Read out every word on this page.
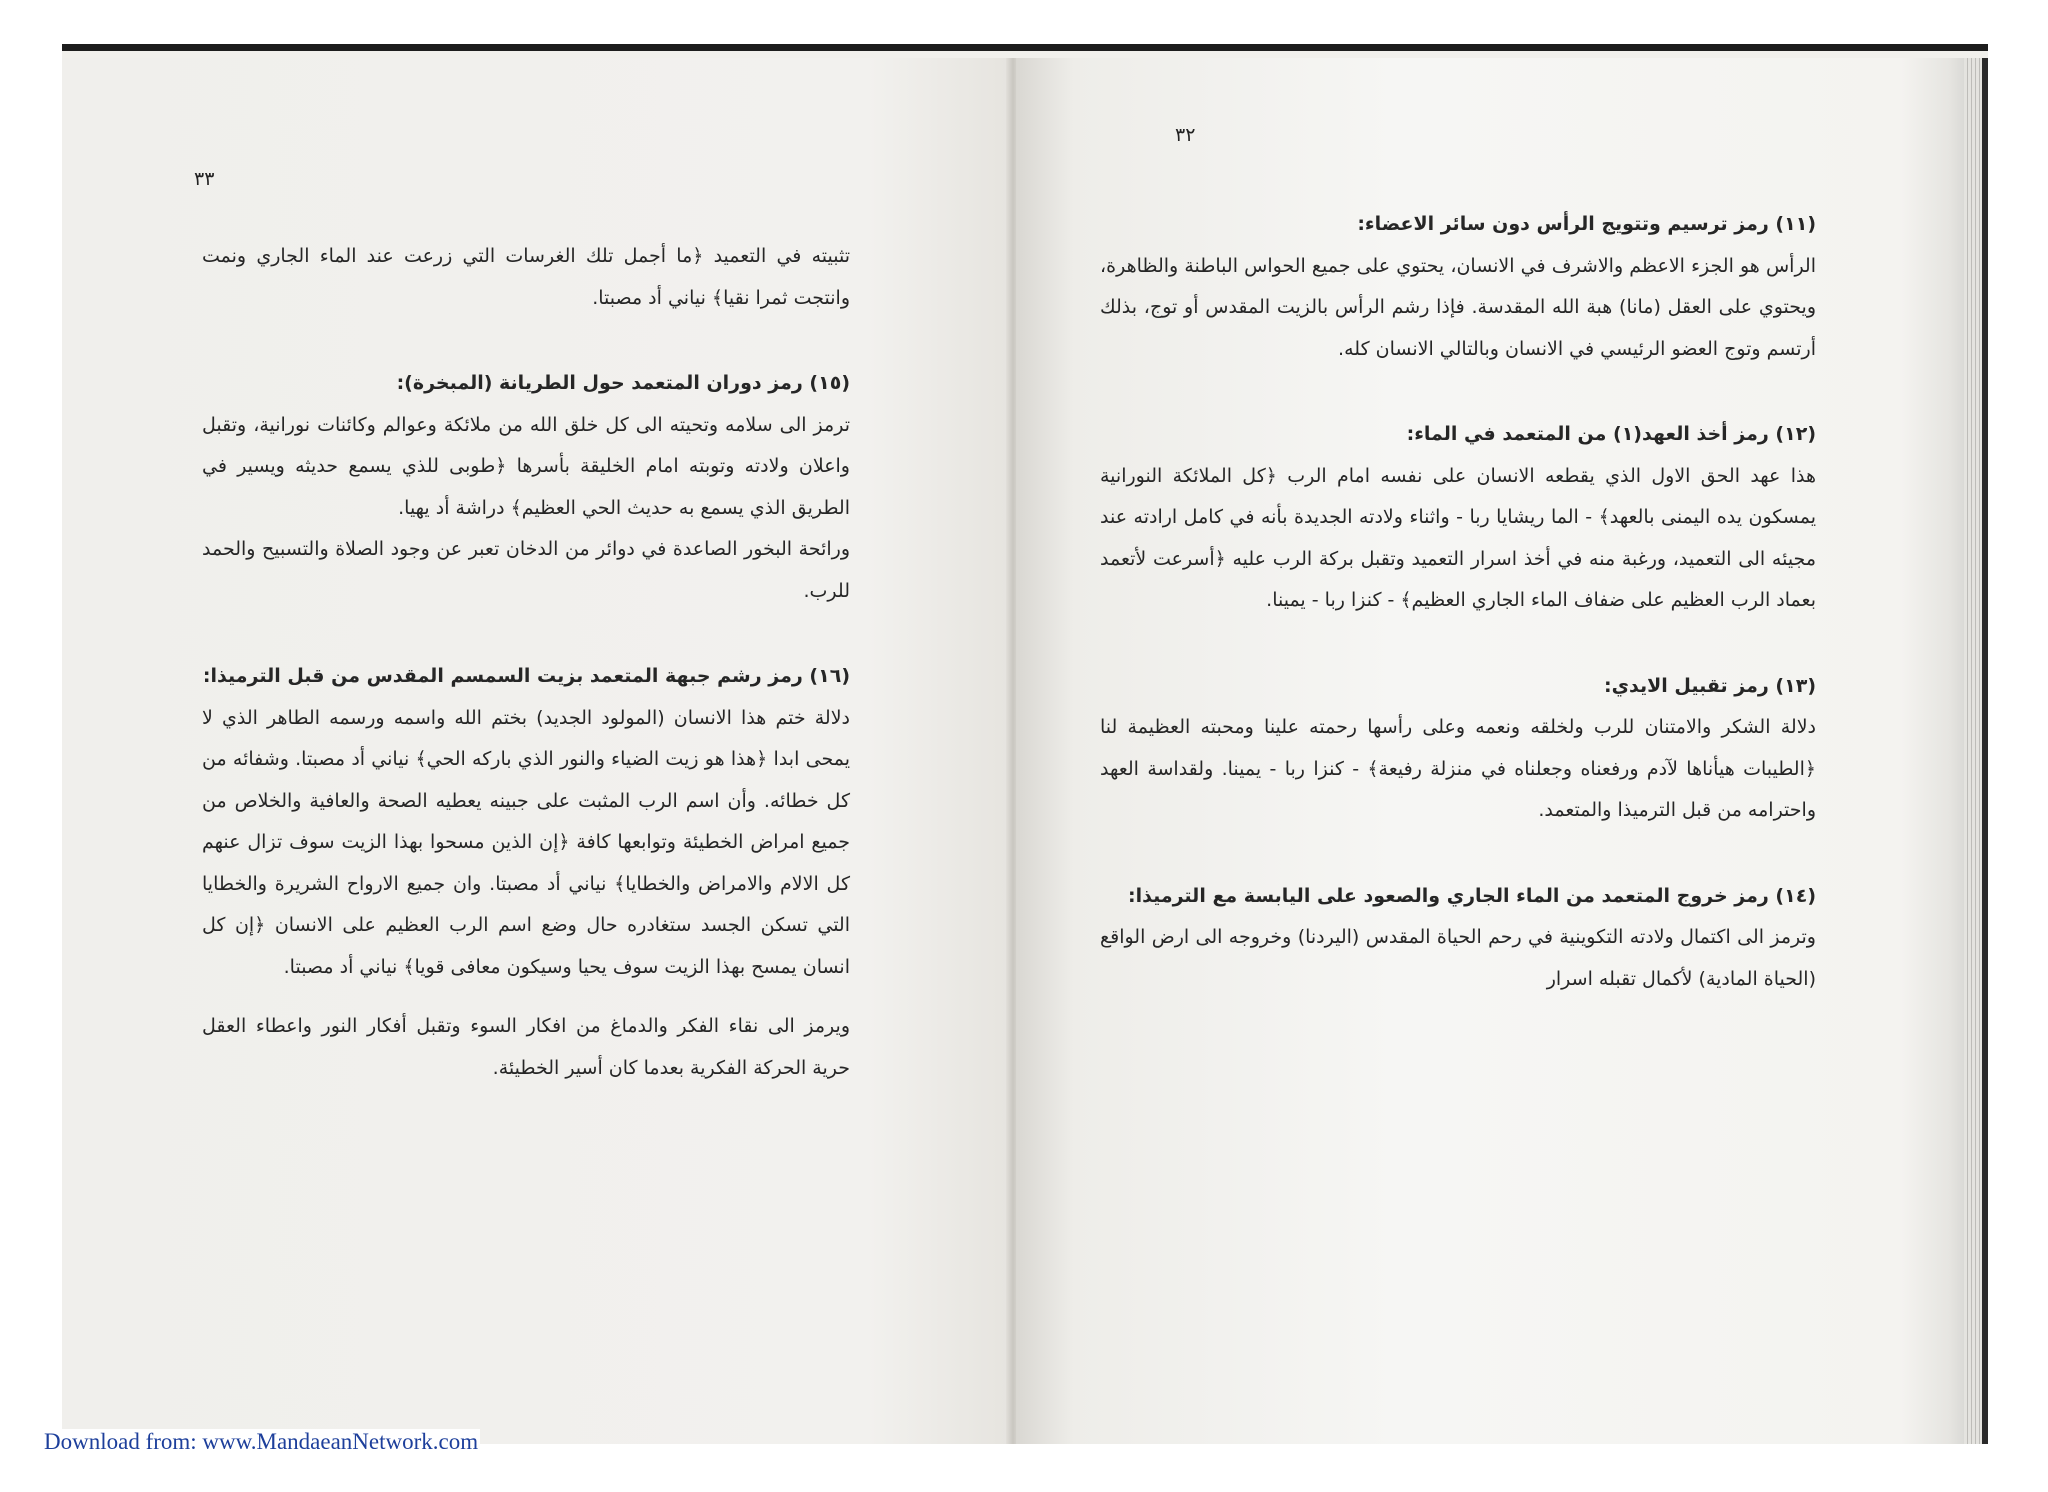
٣٣

تثبيته في التعميد ﴿ما أجمل تلك الغرسات التي زرعت عند الماء الجاري ونمت وانتجت ثمرا نقيا﴾ نياني أد مصبتا.

(١٥) رمز دوران المتعمد حول الطريانة (المبخرة):

ترمز الى سلامه وتحيته الى كل خلق الله من ملائكة وعوالم وكائنات نورانية، وتقبل واعلان ولادته وتوبته امام الخليقة بأسرها ﴿طوبى للذي يسمع حديثه ويسير في الطريق الذي يسمع به حديث الحي العظيم﴾ دراشة أد يهيا.

ورائحة البخور الصاعدة في دوائر من الدخان تعبر عن وجود الصلاة والتسبيح والحمد للرب.

(١٦) رمز رشم جبهة المتعمد بزيت السمسم المقدس من قبل الترميذا:

دلالة ختم هذا الانسان (المولود الجديد) بختم الله واسمه ورسمه الطاهر الذي لا يمحى ابدا ﴿هذا هو زيت الضياء والنور الذي باركه الحي﴾ نياني أد مصبتا. وشفائه من كل خطائه. وأن اسم الرب المثبت على جبينه يعطيه الصحة والعافية والخلاص من جميع امراض الخطيئة وتوابعها كافة ﴿إن الذين مسحوا بهذا الزيت سوف تزال عنهم كل الالام والامراض والخطايا﴾ نياني أد مصبتا. وان جميع الارواح الشريرة والخطايا التي تسكن الجسد ستغادره حال وضع اسم الرب العظيم على الانسان ﴿إن كل انسان يمسح بهذا الزيت سوف يحيا وسيكون معافى قويا﴾ نياني أد مصبتا.

ويرمز الى نقاء الفكر والدماغ من افكار السوء وتقبل أفكار النور واعطاء العقل حرية الحركة الفكرية بعدما كان أسير الخطيئة.

٣٢

(١١) رمز ترسيم وتتويج الرأس دون سائر الاعضاء:

الرأس هو الجزء الاعظم والاشرف في الانسان، يحتوي على جميع الحواس الباطنة والظاهرة، ويحتوي على العقل (مانا) هبة الله المقدسة. فإذا رشم الرأس بالزيت المقدس أو توج، بذلك أرتسم وتوج العضو الرئيسي في الانسان وبالتالي الانسان كله.

(١٢) رمز أخذ العهد(١) من المتعمد في الماء:

هذا عهد الحق الاول الذي يقطعه الانسان على نفسه امام الرب ﴿كل الملائكة النورانية يمسكون يده اليمنى بالعهد﴾ - الما ريشايا ربا - واثناء ولادته الجديدة بأنه في كامل ارادته عند مجيئه الى التعميد، ورغبة منه في أخذ اسرار التعميد وتقبل بركة الرب عليه ﴿أسرعت لأتعمد بعماد الرب العظيم على ضفاف الماء الجاري العظيم﴾ - كنزا ربا - يمينا.

(١٣) رمز تقبيل الايدي:

دلالة الشكر والامتنان للرب ولخلقه ونعمه وعلى رأسها رحمته علينا ومحبته العظيمة لنا ﴿الطيبات هيأناها لآدم ورفعناه وجعلناه في منزلة رفيعة﴾ - كنزا ربا - يمينا. ولقداسة العهد واحترامه من قبل الترميذا والمتعمد.

(١٤) رمز خروج المتعمد من الماء الجاري والصعود على اليابسة مع الترميذا:

وترمز الى اكتمال ولادته التكوينية في رحم الحياة المقدس (اليردنا) وخروجه الى ارض الواقع (الحياة المادية) لأكمال تقبله اسرار

Download from: www.MandaeanNetwork.com
